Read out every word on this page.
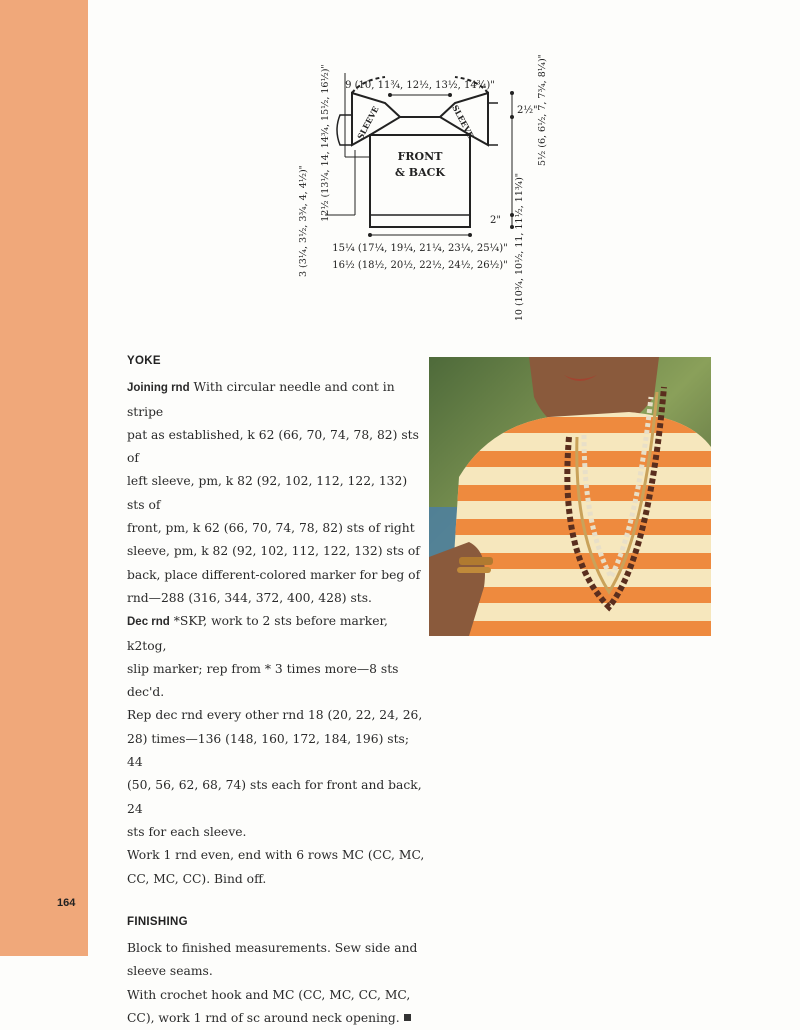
FRONT
& BACK
SLEEVE	SLEEVE
9 (10, 11¾, 12½, 13½, 14¾)"
12½ (13¼, 14, 14¾, 15½, 16½)"
3 (3¼, 3½, 3¾, 4, 4½)"
2½" 5½ (6, 6½, 7, 7¾, 8¼)"
10 (10¾, 10½, 11, 11½, 11¾)"
2"
15¼ (17¼, 19¼, 21¼, 23¼, 25¼)"
16½ (18½, 20½, 22½, 24½, 26½)"
YOKE

Joining rnd With circular needle and cont in stripe

pat as established, k 62 (66, 70, 74, 78, 82) sts of

left sleeve, pm, k 82 (92, 102, 112, 122, 132) sts of

front, pm, k 62 (66, 70, 74, 78, 82) sts of right

sleeve, pm, k 82 (92, 102, 112, 122, 132) sts of

back, place different-colored marker for beg of

rnd—288 (316, 344, 372, 400, 428) sts.

Dec rnd *SKP, work to 2 sts before marker, k2tog,

slip marker; rep from * 3 times more—8 sts dec'd.

Rep dec rnd every other rnd 18 (20, 22, 24, 26,

28) times—136 (148, 160, 172, 184, 196) sts; 44

(50, 56, 62, 68, 74) sts each for front and back, 24

sts for each sleeve.

Work 1 rnd even, end with 6 rows MC (CC, MC,

CC, MC, CC). Bind off.

FINISHING

Block to finished measurements. Sew side and

sleeve seams.

With crochet hook and MC (CC, MC, CC, MC,

CC), work 1 rnd of sc around neck opening.

164
